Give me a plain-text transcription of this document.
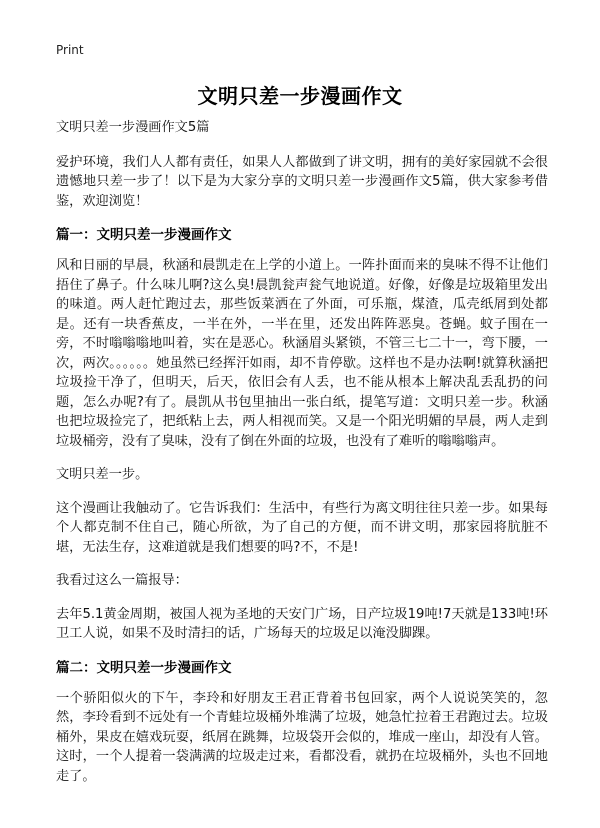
Print
文明只差一步漫画作文

文明只差一步漫画作文5篇

爱护环境，我们人人都有责任，如果人人都做到了讲文明，拥有的美好家园就不会很遗憾地只差一步了！以下是为大家分享的文明只差一步漫画作文5篇，供大家参考借鉴，欢迎浏览！

篇一：文明只差一步漫画作文

风和日丽的早晨，秋涵和晨凯走在上学的小道上。一阵扑面而来的臭味不得不让他们捂住了鼻子。什么味儿啊?这么臭!晨凯瓮声瓮气地说道。好像，好像是垃圾箱里发出的味道。两人赶忙跑过去，那些饭菜洒在了外面，可乐瓶，煤渣，瓜壳纸屑到处都是。还有一块香蕉皮，一半在外，一半在里，还发出阵阵恶臭。苍蝇。蚊子围在一旁，不时嗡嗡嗡地叫着，实在是恶心。秋涵眉头紧锁，不管三七二十一，弯下腰，一次，两次。。。。。。她虽然已经挥汗如雨，却不肯停歇。这样也不是办法啊!就算秋涵把垃圾捡干净了，但明天，后天，依旧会有人丢，也不能从根本上解决乱丢乱扔的问题，怎么办呢?有了。晨凯从书包里抽出一张白纸，提笔写道：文明只差一步。秋涵也把垃圾捡完了，把纸粘上去，两人相视而笑。又是一个阳光明媚的早晨，两人走到垃圾桶旁，没有了臭味，没有了倒在外面的垃圾，也没有了难听的嗡嗡嗡声。

文明只差一步。

这个漫画让我触动了。它告诉我们：生活中，有些行为离文明往往只差一步。如果每个人都克制不住自己，随心所欲，为了自己的方便，而不讲文明，那家园将肮脏不堪，无法生存，这难道就是我们想要的吗?不，不是!

我看过这么一篇报导：

去年5.1黄金周期，被国人视为圣地的天安门广场，日产垃圾19吨!7天就是133吨!环卫工人说，如果不及时清扫的话，广场每天的垃圾足以淹没脚踝。

篇二：文明只差一步漫画作文

一个骄阳似火的下午，李玲和好朋友王君正背着书包回家，两个人说说笑笑的，忽然，李玲看到不远处有一个青蛙垃圾桶外堆满了垃圾，她急忙拉着王君跑过去。垃圾桶外，果皮在嬉戏玩耍，纸屑在跳舞，垃圾袋开会似的，堆成一座山，却没有人管。这时，一个人提着一袋满满的垃圾走过来，看都没看，就扔在垃圾桶外，头也不回地走了。
